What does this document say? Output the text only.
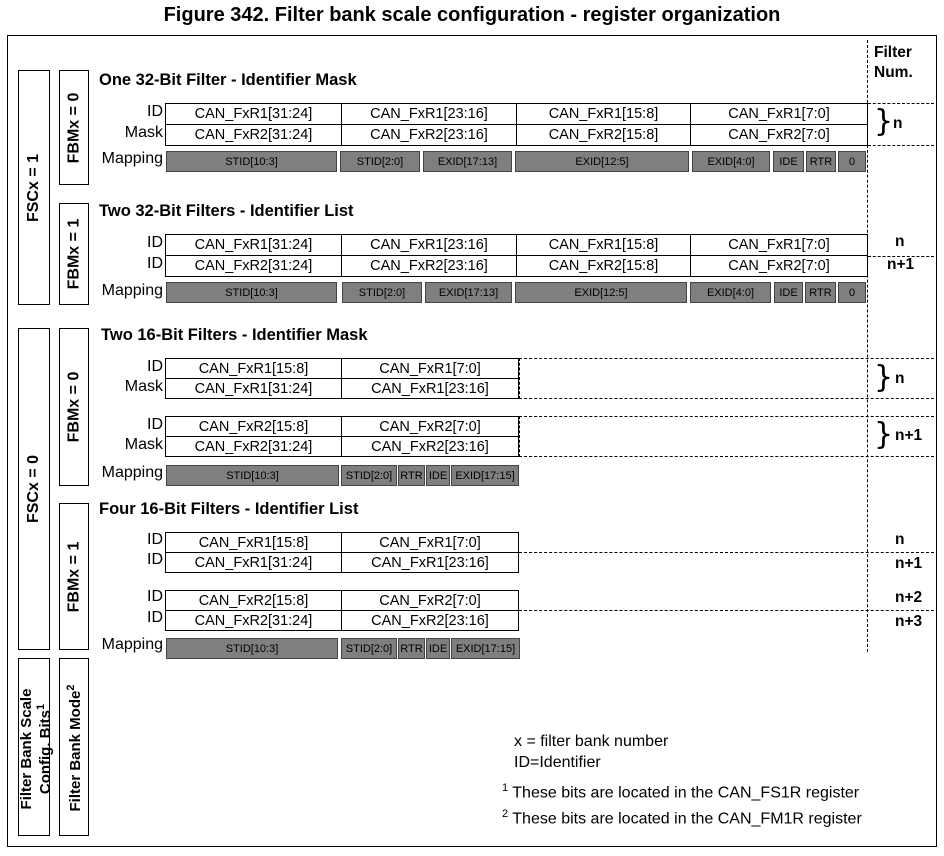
Figure 342. Filter bank scale configuration - register organization
Filter
Num.
FSCx = 1
FSCx = 0
Filter Bank Scale Config. Bits$^1$
FBMx = 0
FBMx = 1
FBMx = 0
FBMx = 1
Filter Bank Mode$^2$
One 32-Bit Filter - Identifier Mask
ID
Mask
Mapping
CAN_FxR1[31:24]	CAN_FxR1[23:16]	CAN_FxR1[15:8]	CAN_FxR1[7:0]
CAN_FxR2[31:24]	CAN_FxR2[23:16]	CAN_FxR2[15:8]	CAN_FxR2[7:0]
STID[10:3]	STID[2:0]	EXID[17:13]	EXID[12:5]	EXID[4:0]	IDE	RTR	0
} n
Two 32-Bit Filters - Identifier List
ID
ID
Mapping
CAN_FxR1[31:24]	CAN_FxR1[23:16]	CAN_FxR1[15:8]	CAN_FxR1[7:0]
CAN_FxR2[31:24]	CAN_FxR2[23:16]	CAN_FxR2[15:8]	CAN_FxR2[7:0]
STID[10:3]	STID[2:0]	EXID[17:13]	EXID[12:5]	EXID[4:0]	IDE	RTR	0
n
n+1
Two 16-Bit Filters - Identifier Mask
ID
Mask
CAN_FxR1[15:8]	CAN_FxR1[7:0]
CAN_FxR1[31:24]	CAN_FxR1[23:16]	} n
ID
Mask
CAN_FxR2[15:8]	CAN_FxR2[7:0]
CAN_FxR2[31:24]	CAN_FxR2[23:16]	} n+1
Mapping	STID[10:3]	STID[2:0] RTR IDE EXID[17:15]
Four 16-Bit Filters - Identifier List
ID
ID
CAN_FxR1[15:8]	CAN_FxR1[7:0]
CAN_FxR1[31:24]	CAN_FxR1[23:16]
n
n+1
ID
ID
CAN_FxR2[15:8]	CAN_FxR2[7:0]
CAN_FxR2[31:24]	CAN_FxR2[23:16]
n+2
n+3
Mapping	STID[10:3]	STID[2:0] RTR IDE EXID[17:15]
x = filter bank number
ID=Identifier
$^1$ These bits are located in the CAN_FS1R register
$^2$ These bits are located in the CAN_FM1R register
